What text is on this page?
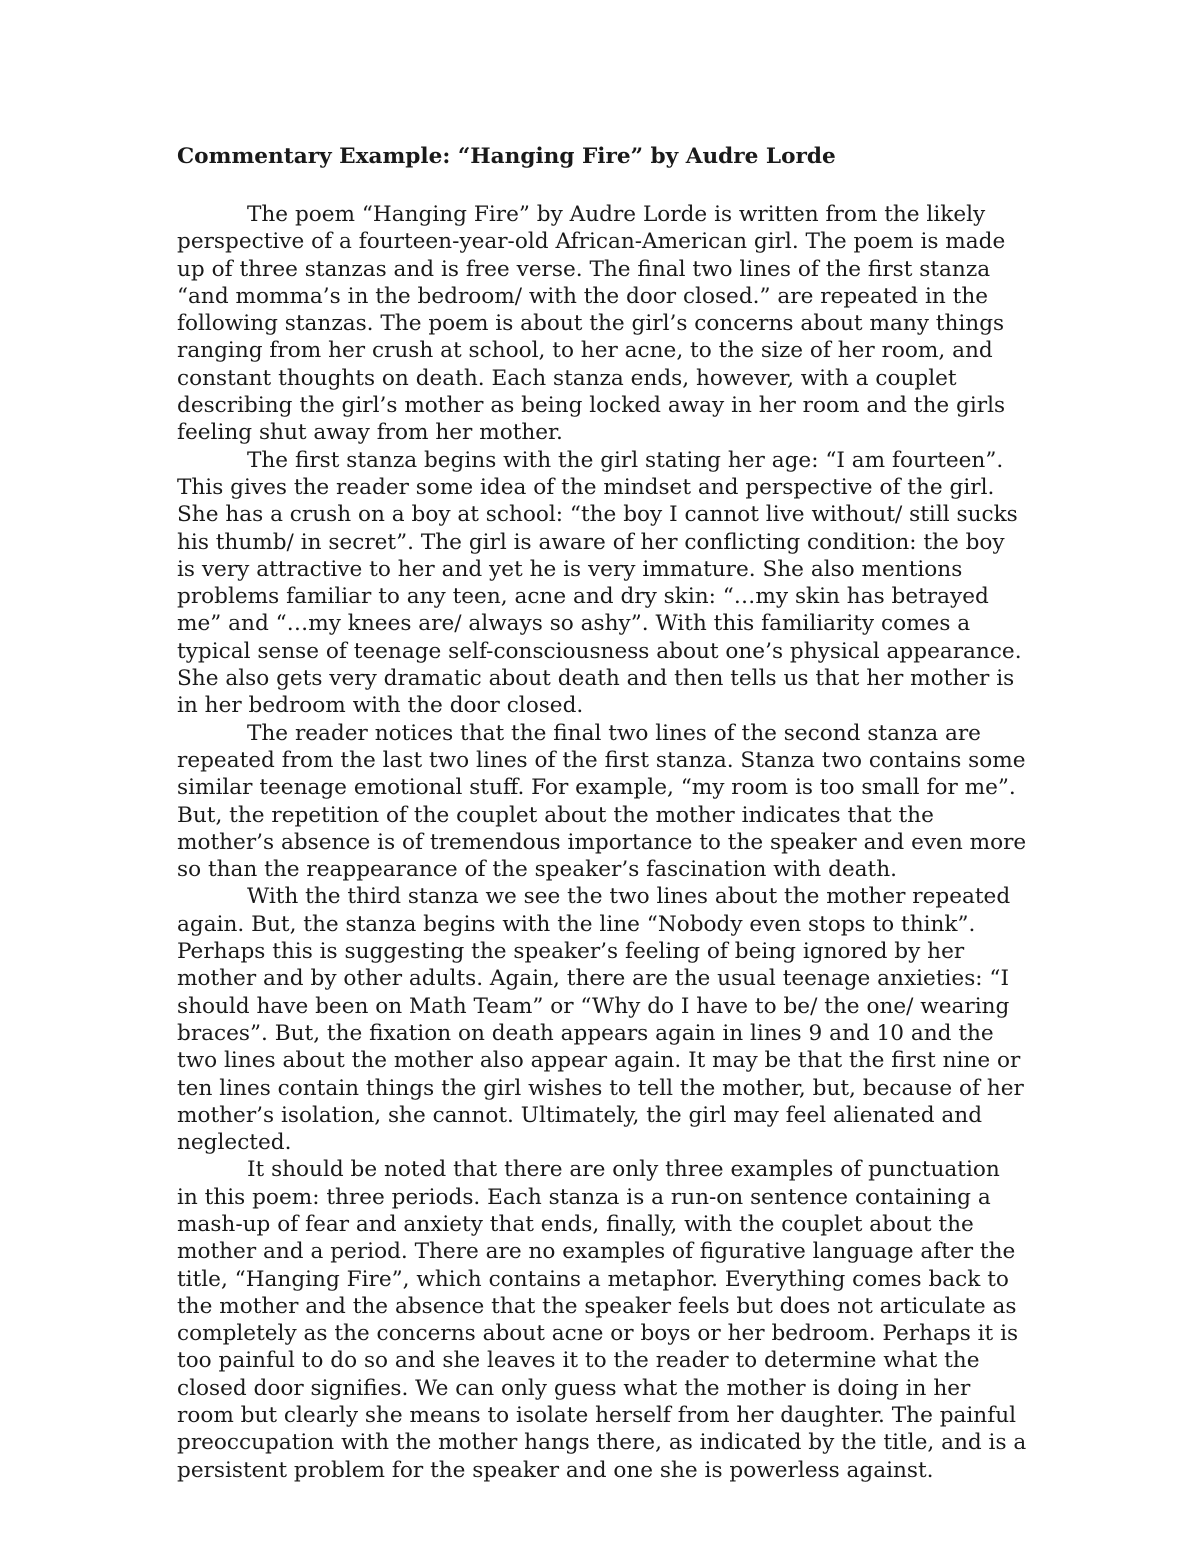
Commentary Example: “Hanging Fire” by Audre Lorde

The poem “Hanging Fire” by Audre Lorde is written from the likely perspective of a fourteen-year-old African-American girl. The poem is made up of three stanzas and is free verse. The final two lines of the first stanza “and momma’s in the bedroom/ with the door closed.” are repeated in the following stanzas. The poem is about the girl’s concerns about many things ranging from her crush at school, to her acne, to the size of her room, and constant thoughts on death. Each stanza ends, however, with a couplet describing the girl’s mother as being locked away in her room and the girls feeling shut away from her mother.

The first stanza begins with the girl stating her age: “I am fourteen”. This gives the reader some idea of the mindset and perspective of the girl. She has a crush on a boy at school: “the boy I cannot live without/ still sucks his thumb/ in secret”. The girl is aware of her conflicting condition: the boy is very attractive to her and yet he is very immature. She also mentions problems familiar to any teen, acne and dry skin: “…my skin has betrayed me” and “…my knees are/ always so ashy”. With this familiarity comes a typical sense of teenage self-consciousness about one’s physical appearance. She also gets very dramatic about death and then tells us that her mother is in her bedroom with the door closed.

The reader notices that the final two lines of the second stanza are repeated from the last two lines of the first stanza. Stanza two contains some similar teenage emotional stuff. For example, “my room is too small for me”. But, the repetition of the couplet about the mother indicates that the mother’s absence is of tremendous importance to the speaker and even more so than the reappearance of the speaker’s fascination with death.

With the third stanza we see the two lines about the mother repeated again. But, the stanza begins with the line “Nobody even stops to think”. Perhaps this is suggesting the speaker’s feeling of being ignored by her mother and by other adults. Again, there are the usual teenage anxieties: “I should have been on Math Team” or “Why do I have to be/ the one/ wearing braces”. But, the fixation on death appears again in lines 9 and 10 and the two lines about the mother also appear again. It may be that the first nine or ten lines contain things the girl wishes to tell the mother, but, because of her mother’s isolation, she cannot. Ultimately, the girl may feel alienated and neglected.

It should be noted that there are only three examples of punctuation in this poem: three periods. Each stanza is a run-on sentence containing a mash-up of fear and anxiety that ends, finally, with the couplet about the mother and a period. There are no examples of figurative language after the title, “Hanging Fire”, which contains a metaphor. Everything comes back to the mother and the absence that the speaker feels but does not articulate as completely as the concerns about acne or boys or her bedroom. Perhaps it is too painful to do so and she leaves it to the reader to determine what the closed door signifies. We can only guess what the mother is doing in her room but clearly she means to isolate herself from her daughter. The painful preoccupation with the mother hangs there, as indicated by the title, and is a persistent problem for the speaker and one she is powerless against.
